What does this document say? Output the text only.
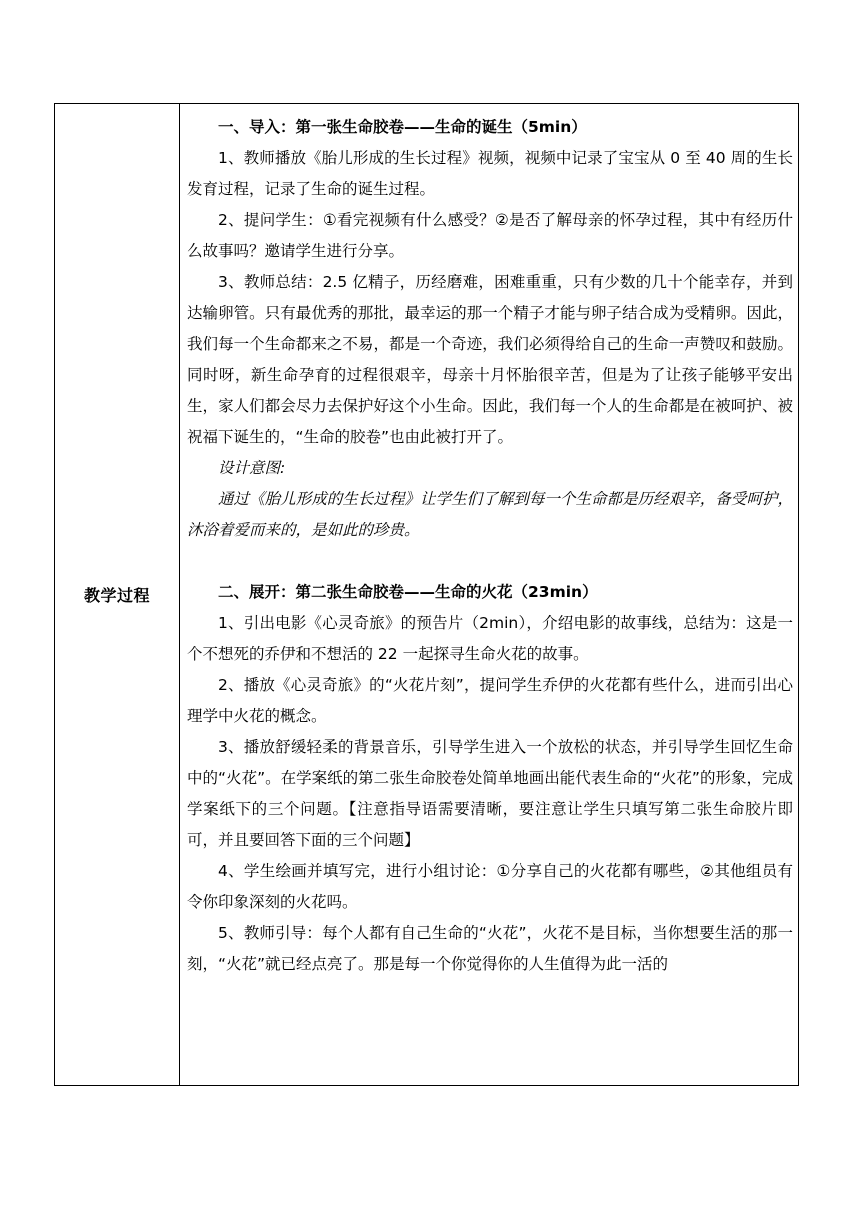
教学过程

一、导入：第一张生命胶卷——生命的诞生（5min）

1、教师播放《胎儿形成的生长过程》视频，视频中记录了宝宝从 0 至 40 周的生长发育过程，记录了生命的诞生过程。

2、提问学生：①看完视频有什么感受？②是否了解母亲的怀孕过程，其中有经历什么故事吗？邀请学生进行分享。

3、教师总结：2.5 亿精子，历经磨难，困难重重，只有少数的几十个能幸存，并到达输卵管。只有最优秀的那批，最幸运的那一个精子才能与卵子结合成为受精卵。因此，我们每一个生命都来之不易，都是一个奇迹，我们必须得给自己的生命一声赞叹和鼓励。同时呀，新生命孕育的过程很艰辛，母亲十月怀胎很辛苦，但是为了让孩子能够平安出生，家人们都会尽力去保护好这个小生命。因此，我们每一个人的生命都是在被呵护、被祝福下诞生的，“生命的胶卷”也由此被打开了。

设计意图:

通过《胎儿形成的生长过程》让学生们了解到每一个生命都是历经艰辛，备受呵护，沐浴着爱而来的，是如此的珍贵。

二、展开：第二张生命胶卷——生命的火花（23min）

1、引出电影《心灵奇旅》的预告片（2min），介绍电影的故事线，总结为：这是一个不想死的乔伊和不想活的 22 一起探寻生命火花的故事。

2、播放《心灵奇旅》的“火花片刻”，提问学生乔伊的火花都有些什么，进而引出心理学中火花的概念。

3、播放舒缓轻柔的背景音乐，引导学生进入一个放松的状态，并引导学生回忆生命中的“火花”。在学案纸的第二张生命胶卷处简单地画出能代表生命的“火花”的形象，完成学案纸下的三个问题。【注意指导语需要清晰，要注意让学生只填写第二张生命胶片即可，并且要回答下面的三个问题】

4、学生绘画并填写完，进行小组讨论：①分享自己的火花都有哪些，②其他组员有令你印象深刻的火花吗。

5、教师引导：每个人都有自己生命的“火花”，火花不是目标，当你想要生活的那一刻，“火花”就已经点亮了。那是每一个你觉得你的人生值得为此一活的
